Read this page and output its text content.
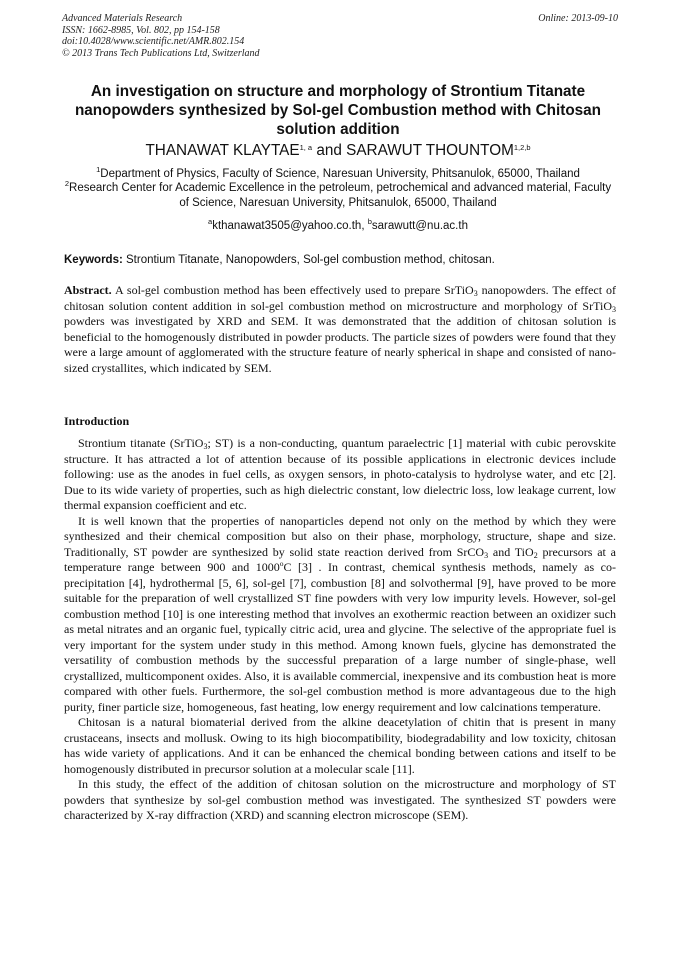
Advanced Materials Research
ISSN: 1662-8985, Vol. 802, pp 154-158
doi:10.4028/www.scientific.net/AMR.802.154
© 2013 Trans Tech Publications Ltd, Switzerland
Online: 2013-09-10
An investigation on structure and morphology of Strontium Titanate nanopowders synthesized by Sol-gel Combustion method with Chitosan solution addition
THANAWAT KLAYTAE$^{1, a}$ and SARAWUT THOUNTOM$^{1,2,b}$

$^1$Department of Physics, Faculty of Science, Naresuan University, Phitsanulok, 65000, Thailand

$^2$Research Center for Academic Excellence in the petroleum, petrochemical and advanced material, Faculty of Science, Naresuan University, Phitsanulok, 65000, Thailand

$^a$kthanawat3505@yahoo.co.th, $^b$sarawutt@nu.ac.th
Keywords: Strontium Titanate, Nanopowders, Sol-gel combustion method, chitosan.

Abstract. A sol-gel combustion method has been effectively used to prepare SrTiO$_3$ nanopowders. The effect of chitosan solution content addition in sol-gel combustion method on microstructure and morphology of SrTiO$_3$ powders was investigated by XRD and SEM. It was demonstrated that the addition of chitosan solution is beneficial to the homogenously distributed in powder products. The particle sizes of powders were found that they were a large amount of agglomerated with the structure feature of nearly spherical in shape and consisted of nano-sized crystallites, which indicated by SEM.

Introduction

Strontium titanate (SrTiO$_3$; ST) is a non-conducting, quantum paraelectric [1] material with cubic perovskite structure. It has attracted a lot of attention because of its possible applications in electronic devices include following: use as the anodes in fuel cells, as oxygen sensors, in photo-catalysis to hydrolyse water, and etc [2]. Due to its wide variety of properties, such as high dielectric constant, low dielectric loss, low leakage current, low thermal expansion coefficient and etc.

It is well known that the properties of nanoparticles depend not only on the method by which they were synthesized and their chemical composition but also on their phase, morphology, structure, shape and size. Traditionally, ST powder are synthesized by solid state reaction derived from SrCO$_3$ and TiO$_2$ precursors at a temperature range between 900 and 1000$^o$C [3] . In contrast, chemical synthesis methods, namely as co-precipitation [4], hydrothermal [5, 6], sol-gel [7], combustion [8] and solvothermal [9], have proved to be more suitable for the preparation of well crystallized ST fine powders with very low impurity levels. However, sol-gel combustion method [10] is one interesting method that involves an exothermic reaction between an oxidizer such as metal nitrates and an organic fuel, typically citric acid, urea and glycine. The selective of the appropriate fuel is very important for the system under study in this method. Among known fuels, glycine has demonstrated the versatility of combustion methods by the successful preparation of a large number of single-phase, well crystallized, multicomponent oxides. Also, it is available commercial, inexpensive and its combustion heat is more compared with other fuels. Furthermore, the sol-gel combustion method is more advantageous due to the high purity, finer particle size, homogeneous, fast heating, low energy requirement and low calcinations temperature.

Chitosan is a natural biomaterial derived from the alkine deacetylation of chitin that is present in many crustaceans, insects and mollusk. Owing to its high biocompatibility, biodegradability and low toxicity, chitosan has wide variety of applications. And it can be enhanced the chemical bonding between cations and itself to be homogenously distributed in precursor solution at a molecular scale [11].

In this study, the effect of the addition of chitosan solution on the microstructure and morphology of ST powders that synthesize by sol-gel combustion method was investigated. The synthesized ST powders were characterized by X-ray diffraction (XRD) and scanning electron microscope (SEM).
